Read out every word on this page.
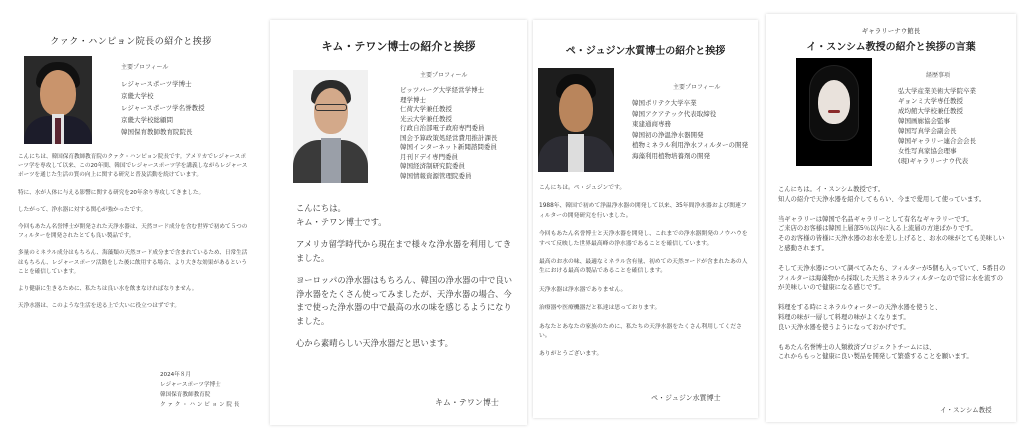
クァク・ハンピョン院長の紹介と挨拶
主要プロフィール
レジャースポーツ学博士
京畿大学校
レジャースポーツ学名誉教授
京畿大学校総顧問
韓国保育教師教育院院長

こんにちは、韓国保育教師教育院のクァク・ハンピョン院長です。アメリカでレジャースポーツ学を専攻して以来、この20年間、韓国でレジャースポーツ学を講義しながらレジャースポーツを通じた生活の質の向上に関する研究と普及活動を続けています。

特に、水が人体に与える影響に関する研究を20年余り専攻してきました。

したがって、浄水器に対する関心が強かったです。

今回もあたん名誉博士が開発された天浄水器は、天然ヨード成分を含む世界で初めて５つのフィルターを開発されたとても良い製品です。

多量のミネラル成分はもちろん、海藻類の天然ヨード成分まで含まれているため、日常生活はもちろん、レジャースポーツ活動をした後に飲用する場合、より大きな効果があるということを確信しています。

より健康に生きるために、私たちは良い水を飲まなければなりません。

天浄水器は、このような生活を送る上で大いに役立つはずです。

2024年８月
レジャースポーツ学博士
韓国保育教師教育院
ク ァ ク ・ ハ ン ピ ョ ン 院 長
キム・テワン博士の紹介と挨拶
主要プロフィール
ピッツバーグ大学経営学博士
理学博士
仁荷大学兼任教授
光云大学兼任教授
行政自治部電子政府専門委員
国会予算政策処経営費用推計課長
韓国インターネット新聞諮問委員
月刊ドデイ専門委員
韓国経済制研究院委員
韓国情報資源管理院委員

こんにちは。
キム・テワン博士です。

アメリカ留学時代から現在まで様々な浄水器を利用してきました。

ヨーロッパの浄水器はもちろん、韓国の浄水器の中で良い浄水器をたくさん使ってみましたが、天浄水器の場合、今まで使った浄水器の中で最高の水の味を感じるようになりました。

心から素晴らしい天浄水器だと思います。

キム・テワン博士
ペ・ジュジン水質博士の紹介と挨拶
主要プロフィール
韓国ポリテク大学卒業
韓国アクアテック代表取締役
東建通商専務
韓国初の浄温浄水器開発
植物ミネラル利用浄水フィルターの開発
海藻利用植物培養剤の開発

こんにちは。ペ・ジュジンです。

1988年、韓国で初めて浄温浄水器の開発して以来、35年間浄水器および関連フィルターの開発研究を行いました。

今回もあたん名誉博士と天浄水器を開発し、これまでの浄水器開発のノウハウをすべて反映した世界最高峰の浄水器であることを確信しています。

最高のお水の味、最適なミネラル含有量、初めての天然ヨードが含まれたあの人生における最高の製品であることを確信します。

天浄水器は浄水器でありません。

治療器や医療機器だと私達は思っております。

あなたとあなたの家族のために、私たちの天浄水器をたくさん利用してください。

ありがとうございます。

ペ・ジュジン水質博士
ギャラリーナウ館長
イ・スンシム教授の紹介と挨拶の言葉
経歴事項
弘大学産業美術大学院卒業
ギョンミ大学専任教授
成均館大学校兼任教授
韓国画廊協会監事
韓国写真学会副会長
韓国ギャラリー連合会会長
女性写真家協会理事
(現)ギャラリーナウ代表

こんにちは。イ・スンシム教授です。
知人の紹介で天浄水器を紹介してもらい、今まで愛用して使っています。

当ギャラリーは韓国で名品ギャラリーとして有名なギャラリーです。
ご来店のお客様は韓国上層部5％以内に入る上流層の方達ばかりです。
そのお客様の皆様に天浄水器のお水を差し上げると、お水の味がとても美味しいと感動されます。

そして天浄水器について調べてみたら、フィルターが5個も入っていて、5番目のフィルターは海藻物から採取した天然ミネラルフィルターなので常に水を流すのが美味しいので健康になる感じです。

料理をする時にミネラルウォーターの天浄水器を使うと、
料理の味が一層して料理の味がよくなります。
良い天浄水器を使うようになっておかげです。

もあたん名誉博士の人類救済プロジェクトチームには、
これからもっと健康に良い製品を開発して繁盛することを願います。

イ・スンシム教授
